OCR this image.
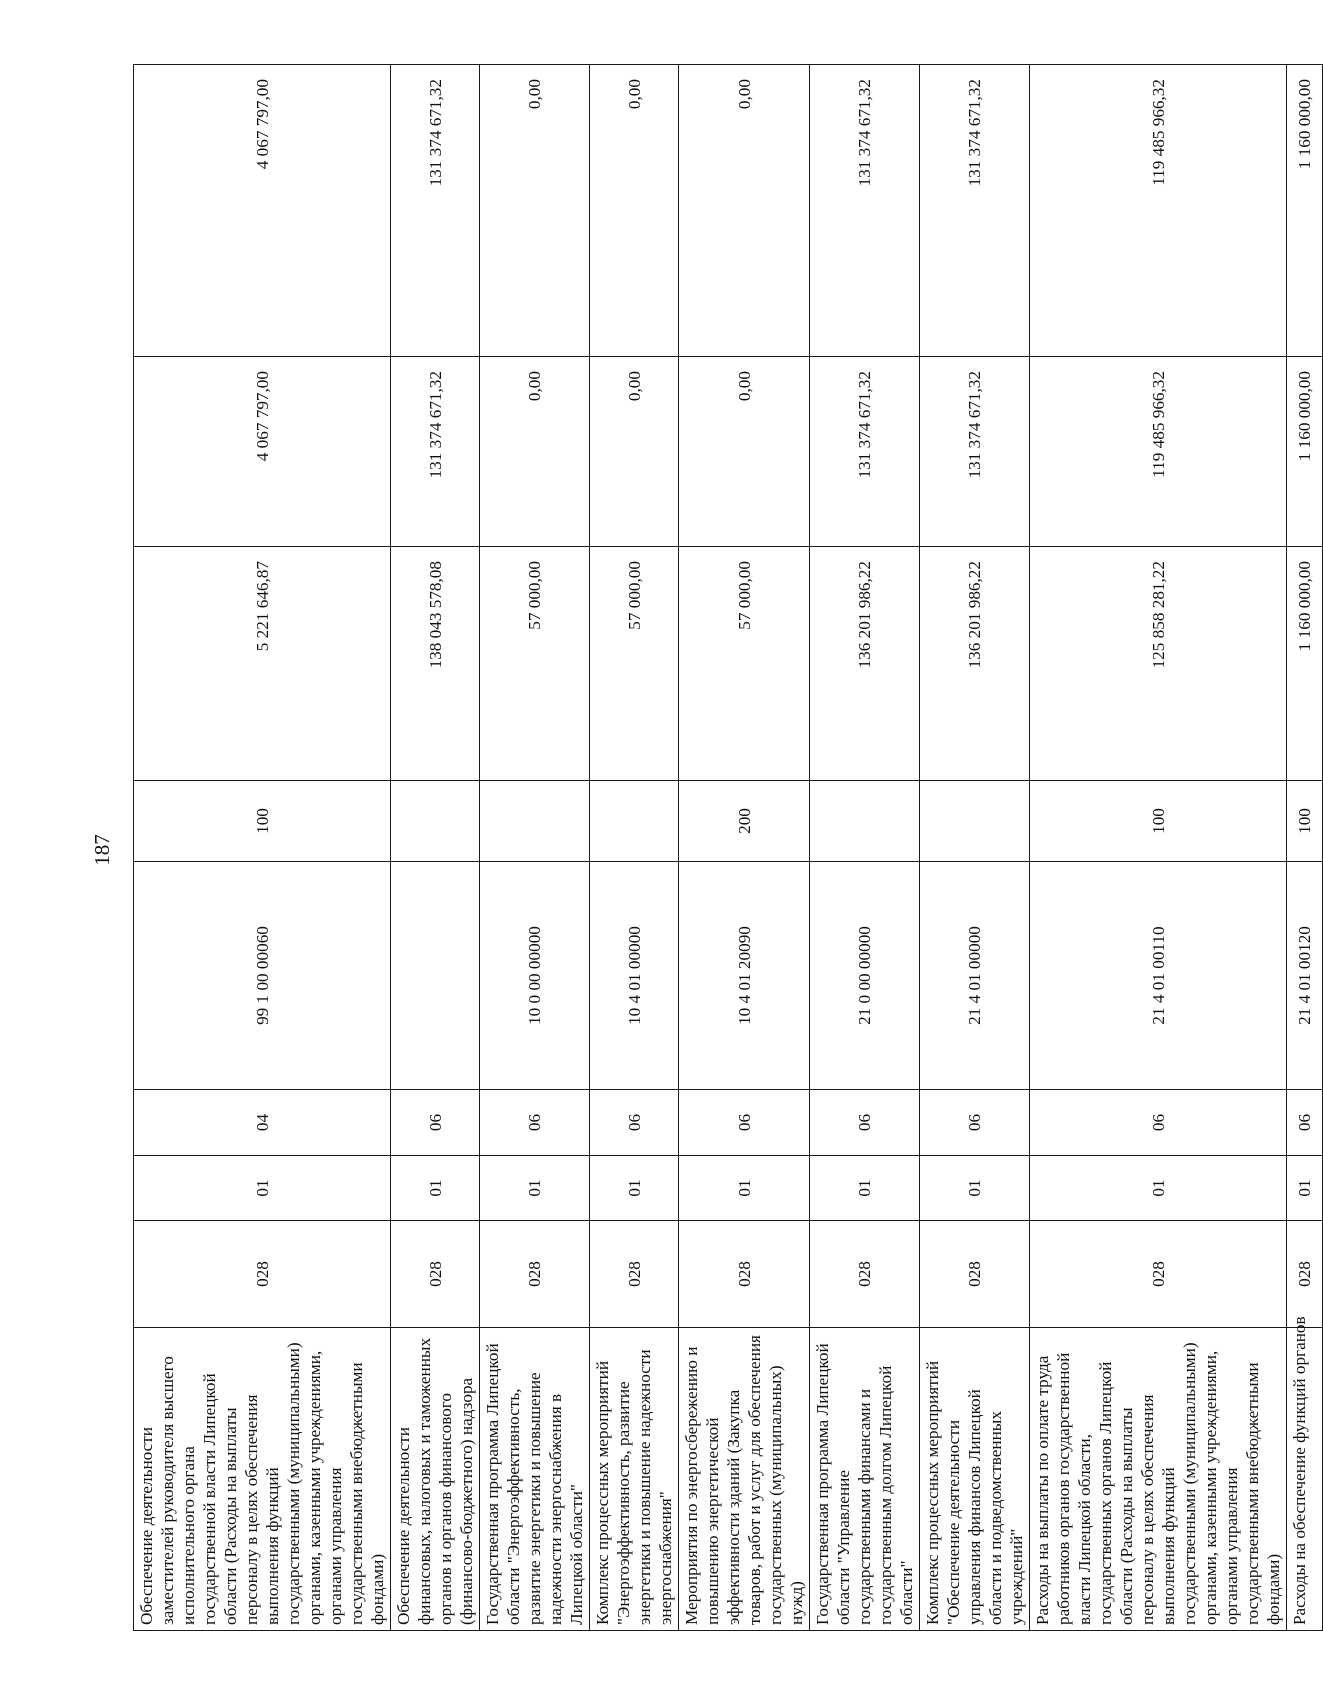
187
Обеспечение деятельности заместителей руководителя высшего исполнительного органа государственной власти Липецкой области (Расходы на выплаты персоналу в целях обеспечения выполнения функций государственными (муниципальными) органами, казенными учреждениями, органами управления государственными внебюджетными фондами)	028	01	04	99 1 00 00060	100	5 221 646,87	4 067 797,00	4 067 797,00
Обеспечение деятельности финансовых, налоговых и таможенных органов и органов финансового (финансово-бюджетного) надзора	028	01	06			138 043 578,08	131 374 671,32	131 374 671,32
Государственная программа Липецкой области "Энергоэффективность, развитие энергетики и повышение надежности энергоснабжения в Липецкой области"	028	01	06	10 0 00 00000		57 000,00	0,00	0,00
Комплекс процессных мероприятий "Энергоэффективность, развитие энергетики и повышение надежности энергоснабжения"	028	01	06	10 4 01 00000		57 000,00	0,00	0,00
Мероприятия по энергосбережению и повышению энергетической эффективности зданий (Закупка товаров, работ и услуг для обеспечения государственных (муниципальных) нужд)	028	01	06	10 4 01 20090	200	57 000,00	0,00	0,00
Государственная программа Липецкой области "Управление государственными финансами и государственным долгом Липецкой области"	028	01	06	21 0 00 00000		136 201 986,22	131 374 671,32	131 374 671,32
Комплекс процессных мероприятий "Обеспечение деятельности управления финансов Липецкой области и подведомственных учреждений"	028	01	06	21 4 01 00000		136 201 986,22	131 374 671,32	131 374 671,32
Расходы на выплаты по оплате труда работников органов государственной власти Липецкой области, государственных органов Липецкой области (Расходы на выплаты персоналу в целях обеспечения выполнения функций государственными (муниципальными) органами, казенными учреждениями, органами управления государственными внебюджетными фондами)	028	01	06	21 4 01 00110	100	125 858 281,22	119 485 966,32	119 485 966,32
Расходы на обеспечение функций органов	028	01	06	21 4 01 00120	100	1 160 000,00	1 160 000,00	1 160 000,00
